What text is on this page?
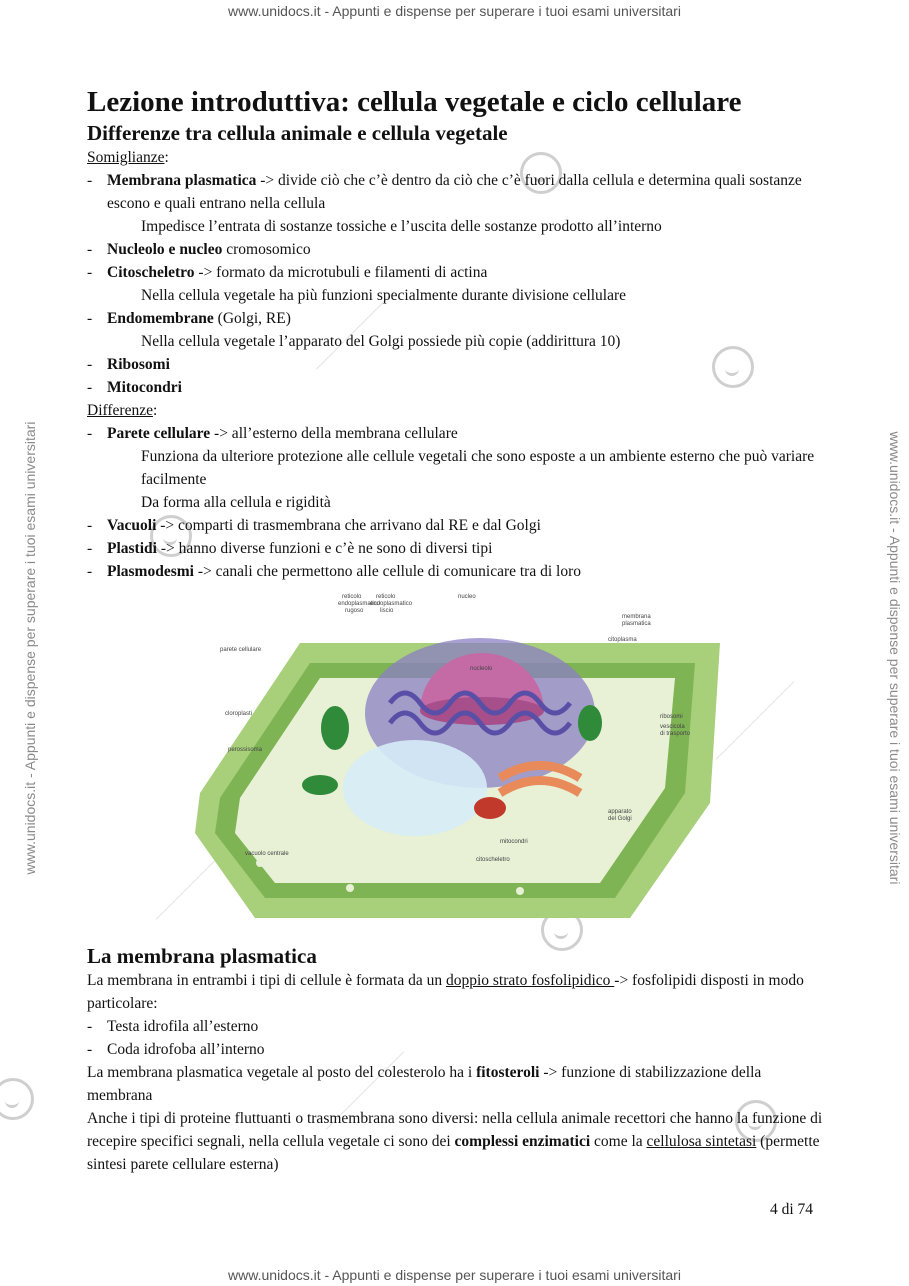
www.unidocs.it - Appunti e dispense per superare i tuoi esami universitari
www.unidocs.it - Appunti e dispense per superare i tuoi esami universitari
www.unidocs.it - Appunti e dispense per superare i tuoi esami universitari	www.unidocs.it - Appunti e dispense per superare i tuoi esami universitari
Lezione introduttiva: cellula vegetale e ciclo cellulare
Differenze tra cellula animale e cellula vegetale

Somiglianze:

- Membrana plasmatica -> divide ciò che c’è dentro da ciò che c’è fuori dalla cellula e determina quali sostanze escono e quali entrano nella cellula
Impedisce l’entrata di sostanze tossiche e l’uscita delle sostanze prodotto all’interno
- Nucleolo e nucleo cromosomico
- Citoscheletro -> formato da microtubuli e filamenti di actina
Nella cellula vegetale ha più funzioni specialmente durante divisione cellulare
- Endomembrane (Golgi, RE)
Nella cellula vegetale l’apparato del Golgi possiede più copie (addirittura 10)
- Ribosomi
- Mitocondri

Differenze:

- Parete cellulare -> all’esterno della membrana cellulare
Funziona da ulteriore protezione alle cellule vegetali che sono esposte a un ambiente esterno che può variare facilmente
Da forma alla cellula e rigidità
- Vacuoli -> comparti di trasmembrana che arrivano dal RE e dal Golgi
- Plastidi -> hanno diverse funzioni e c’è ne sono di diversi tipi
- Plasmodesmi -> canali che permettono alle cellule di comunicare tra di loro
reticolo
endoplasmatico
rugoso
reticolo
endoplasmatico
liscio
nucleo
nucleolo
membrana
plasmatica
citoplasma
parete cellulare
cloroplasti
perossisoma
ribosomi
vescicola
di trasporto
apparato
del Golgi
mitocondri
citoscheletro
vacuolo centrale
La membrana plasmatica

La membrana in entrambi i tipi di cellule è formata da un doppio strato fosfolipidico -> fosfolipidi disposti in modo particolare:

- Testa idrofila all’esterno
- Coda idrofoba all’interno

La membrana plasmatica vegetale al posto del colesterolo ha i fitosteroli -> funzione di stabilizzazione della membrana

Anche i tipi di proteine fluttuanti o trasmembrana sono diversi: nella cellula animale recettori che hanno la funzione di recepire specifici segnali, nella cellula vegetale ci sono dei complessi enzimatici come la cellulosa sintetasi (permette sintesi parete cellulare esterna)

4 di 74
